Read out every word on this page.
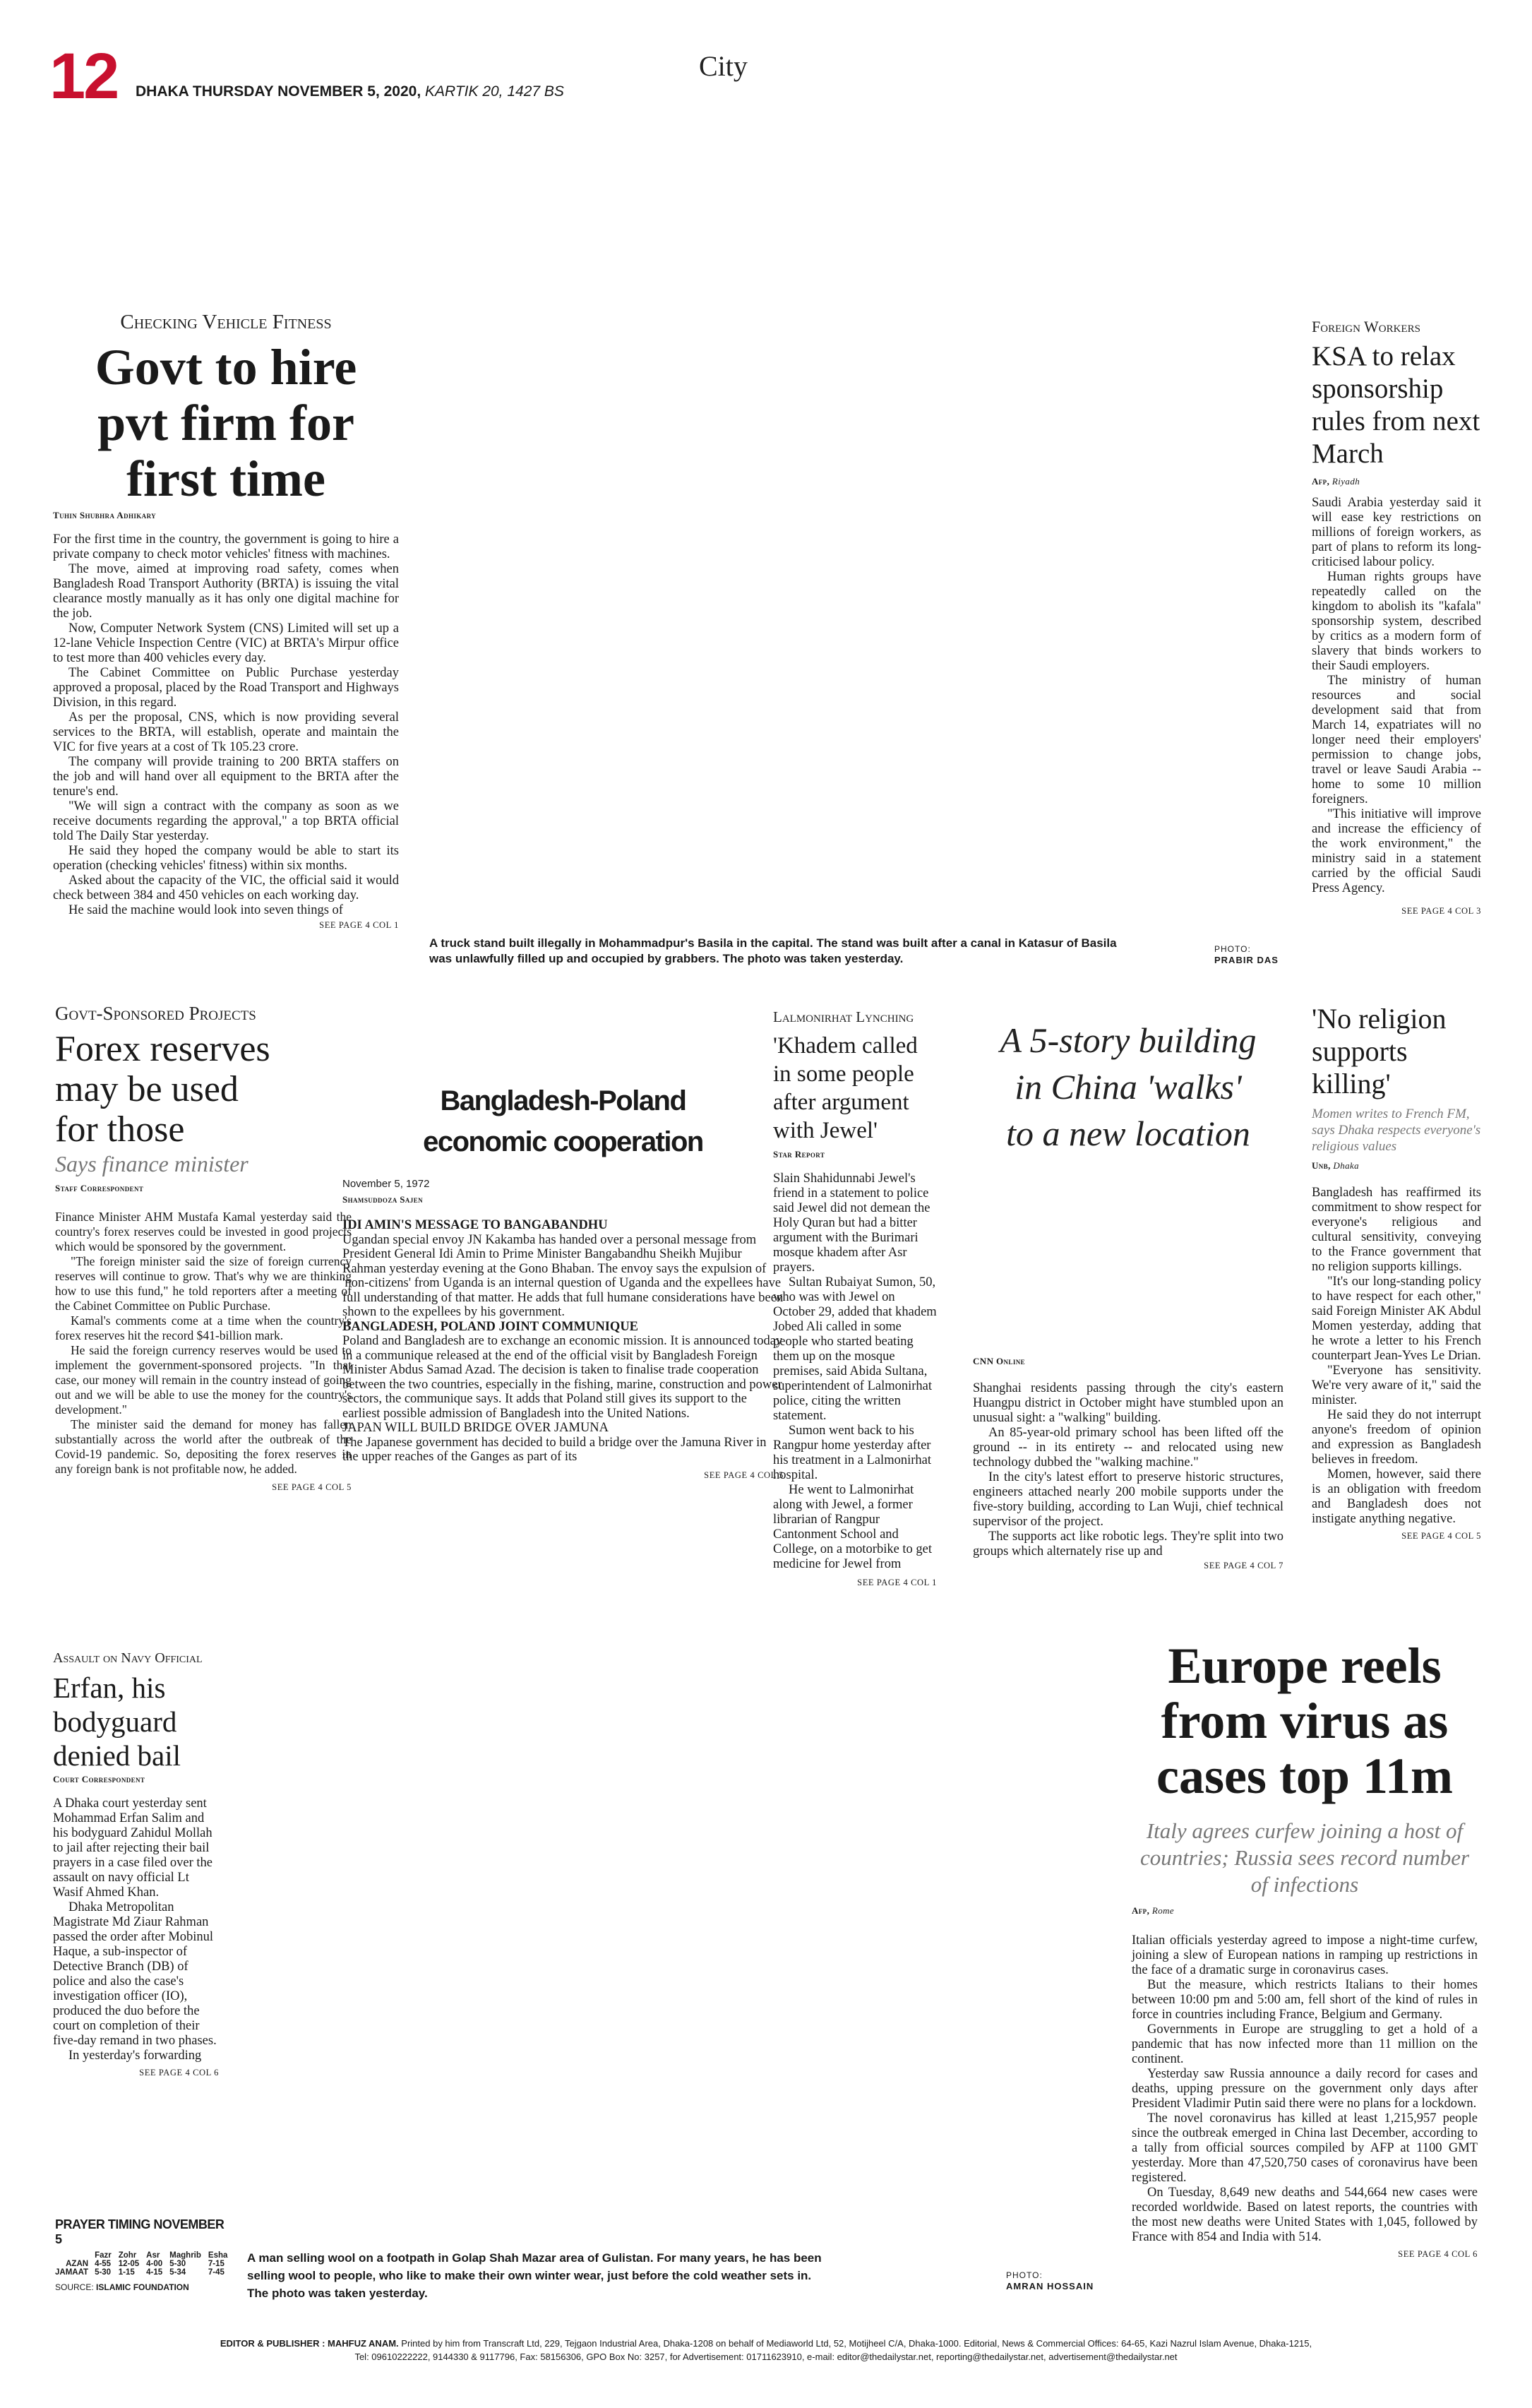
12 DHAKA THURSDAY NOVEMBER 5, 2020, KARTIK 20, 1427 BS
City
Checking Vehicle Fitness
Govt to hire
pvt firm for
first time
Tuhin Shubhra Adhikary

For the first time in the country, the government is going to hire a private company to check motor vehicles' fitness with machines.

The move, aimed at improving road safety, comes when Bangladesh Road Transport Authority (BRTA) is issuing the vital clearance mostly manually as it has only one digital machine for the job.

Now, Computer Network System (CNS) Limited will set up a 12-lane Vehicle Inspection Centre (VIC) at BRTA's Mirpur office to test more than 400 vehicles every day.

The Cabinet Committee on Public Purchase yesterday approved a proposal, placed by the Road Transport and Highways Division, in this regard.

As per the proposal, CNS, which is now providing several services to the BRTA, will establish, operate and maintain the VIC for five years at a cost of Tk 105.23 crore.

The company will provide training to 200 BRTA staffers on the job and will hand over all equipment to the BRTA after the tenure's end.

"We will sign a contract with the company as soon as we receive documents regarding the approval," a top BRTA official told The Daily Star yesterday.

He said they hoped the company would be able to start its operation (checking vehicles' fitness) within six months.

Asked about the capacity of the VIC, the official said it would check between 384 and 450 vehicles on each working day.

He said the machine would look into seven things of

SEE PAGE 4 COL 1
A truck stand built illegally in Mohammadpur's Basila in the capital. The stand was built after a canal in Katasur of Basila was unlawfully filled up and occupied by grabbers. The photo was taken yesterday.
PHOTO:
PRABIR DAS
Foreign Workers
KSA to relax sponsorship rules from next March
Afp, Riyadh

Saudi Arabia yesterday said it will ease key restrictions on millions of foreign workers, as part of plans to reform its long-criticised labour policy.

Human rights groups have repeatedly called on the kingdom to abolish its "kafala" sponsorship system, described by critics as a modern form of slavery that binds workers to their Saudi employers.

The ministry of human resources and social development said that from March 14, expatriates will no longer need their employers' permission to change jobs, travel or leave Saudi Arabia -- home to some 10 million foreigners.

"This initiative will improve and increase the efficiency of the work environment," the ministry said in a statement carried by the official Saudi Press Agency.

SEE PAGE 4 COL 3
Govt-Sponsored Projects
Forex reserves
may be used
for those
Says finance minister
Staff Correspondent

Finance Minister AHM Mustafa Kamal yesterday said the country's forex reserves could be invested in good projects which would be sponsored by the government.

"The foreign minister said the size of foreign currency reserves will continue to grow. That's why we are thinking how to use this fund," he told reporters after a meeting of the Cabinet Committee on Public Purchase.

Kamal's comments come at a time when the country's forex reserves hit the record $41-billion mark.

He said the foreign currency reserves would be used to implement the government-sponsored projects. "In that case, our money will remain in the country instead of going out and we will be able to use the money for the country's development."

The minister said the demand for money has fallen substantially across the world after the outbreak of the Covid-19 pandemic. So, depositing the forex reserves in any foreign bank is not profitable now, he added.

SEE PAGE 4 COL 5
Bangladesh-Poland economic cooperation
November 5, 1972
Shamsuddoza Sajen
IDI AMIN'S MESSAGE TO BANGABANDHU
Ugandan special envoy JN Kakamba has handed over a personal message from President General Idi Amin to Prime Minister Bangabandhu Sheikh Mujibur Rahman yesterday evening at the Gono Bhaban. The envoy says the expulsion of 'non-citizens' from Uganda is an internal question of Uganda and the expellees have full understanding of that matter. He adds that full humane considerations have been shown to the expellees by his government.
BANGLADESH, POLAND JOINT COMMUNIQUE
Poland and Bangladesh are to exchange an economic mission. It is announced today in a communique released at the end of the official visit by Bangladesh Foreign Minister Abdus Samad Azad. The decision is taken to finalise trade cooperation between the two countries, especially in the fishing, marine, construction and power sectors, the communique says. It adds that Poland still gives its support to the earliest possible admission of Bangladesh into the United Nations.
JAPAN WILL BUILD BRIDGE OVER JAMUNA
The Japanese government has decided to build a bridge over the Jamuna River in the upper reaches of the Ganges as part of its
SEE PAGE 4 COL 5
Lalmonirhat Lynching
'Khadem called in some people after argument with Jewel'
Star Report

Slain Shahidunnabi Jewel's friend in a statement to police said Jewel did not demean the Holy Quran but had a bitter argument with the Burimari mosque khadem after Asr prayers.

Sultan Rubaiyat Sumon, 50, who was with Jewel on October 29, added that khadem Jobed Ali called in some people who started beating them up on the mosque premises, said Abida Sultana, superintendent of Lalmonirhat police, citing the written statement.

Sumon went back to his Rangpur home yesterday after his treatment in a Lalmonirhat hospital.

He went to Lalmonirhat along with Jewel, a former librarian of Rangpur Cantonment School and College, on a motorbike to get medicine for Jewel from

SEE PAGE 4 COL 1
A 5-story building
in China 'walks'
to a new location
CNN Online

Shanghai residents passing through the city's eastern Huangpu district in October might have stumbled upon an unusual sight: a "walking" building.

An 85-year-old primary school has been lifted off the ground -- in its entirety -- and relocated using new technology dubbed the "walking machine."

In the city's latest effort to preserve historic structures, engineers attached nearly 200 mobile supports under the five-story building, according to Lan Wuji, chief technical supervisor of the project.

The supports act like robotic legs. They're split into two groups which alternately rise up and

SEE PAGE 4 COL 7
'No religion supports killing'
Momen writes to French FM, says Dhaka respects everyone's religious values
Unb, Dhaka

Bangladesh has reaffirmed its commitment to show respect for everyone's religious and cultural sensitivity, conveying to the France government that no religion supports killings.

"It's our long-standing policy to have respect for each other," said Foreign Minister AK Abdul Momen yesterday, adding that he wrote a letter to his French counterpart Jean-Yves Le Drian.

"Everyone has sensitivity. We're very aware of it," said the minister.

He said they do not interrupt anyone's freedom of opinion and expression as Bangladesh believes in freedom.

Momen, however, said there is an obligation with freedom and Bangladesh does not instigate anything negative.

SEE PAGE 4 COL 5
Assault on Navy Official
Erfan, his
bodyguard
denied bail
Court Correspondent

A Dhaka court yesterday sent Mohammad Erfan Salim and his bodyguard Zahidul Mollah to jail after rejecting their bail prayers in a case filed over the assault on navy official Lt Wasif Ahmed Khan.

Dhaka Metropolitan Magistrate Md Ziaur Rahman passed the order after Mobinul Haque, a sub-inspector of Detective Branch (DB) of police and also the case's investigation officer (IO), produced the duo before the court on completion of their five-day remand in two phases.

In yesterday's forwarding

SEE PAGE 4 COL 6
Europe reels
from virus as
cases top 11m
Italy agrees curfew joining a host of countries; Russia sees record number of infections
Afp, Rome

Italian officials yesterday agreed to impose a night-time curfew, joining a slew of European nations in ramping up restrictions in the face of a dramatic surge in coronavirus cases.

But the measure, which restricts Italians to their homes between 10:00 pm and 5:00 am, fell short of the kind of rules in force in countries including France, Belgium and Germany.

Governments in Europe are struggling to get a hold of a pandemic that has now infected more than 11 million on the continent.

Yesterday saw Russia announce a daily record for cases and deaths, upping pressure on the government only days after President Vladimir Putin said there were no plans for a lockdown.

The novel coronavirus has killed at least 1,215,957 people since the outbreak emerged in China last December, according to a tally from official sources compiled by AFP at 1100 GMT yesterday. More than 47,520,750 cases of coronavirus have been registered.

On Tuesday, 8,649 new deaths and 544,664 new cases were recorded worldwide. Based on latest reports, the countries with the most new deaths were United States with 1,045, followed by France with 854 and India with 514.

SEE PAGE 4 COL 6
PRAYER TIMING NOVEMBER 5
	Fazr	Zohr	Asr	Maghrib	Esha
AZAN	4-55	12-05	4-00	5-30	7-15
JAMAAT	5-30	1-15	4-15	5-34	7-45
SOURCE: ISLAMIC FOUNDATION
A man selling wool on a footpath in Golap Shah Mazar area of Gulistan. For many years, he has been selling wool to people, who like to make their own winter wear, just before the cold weather sets in. The photo was taken yesterday.
PHOTO:
AMRAN HOSSAIN
EDITOR & PUBLISHER : MAHFUZ ANAM. Printed by him from Transcraft Ltd, 229, Tejgaon Industrial Area, Dhaka-1208 on behalf of Mediaworld Ltd, 52, Motijheel C/A, Dhaka-1000. Editorial, News & Commercial Offices: 64-65, Kazi Nazrul Islam Avenue, Dhaka-1215,
Tel: 09610222222, 9144330 & 9117796, Fax: 58156306, GPO Box No: 3257, for Advertisement: 01711623910, e-mail: editor@thedailystar.net, reporting@thedailystar.net, advertisement@thedailystar.net
